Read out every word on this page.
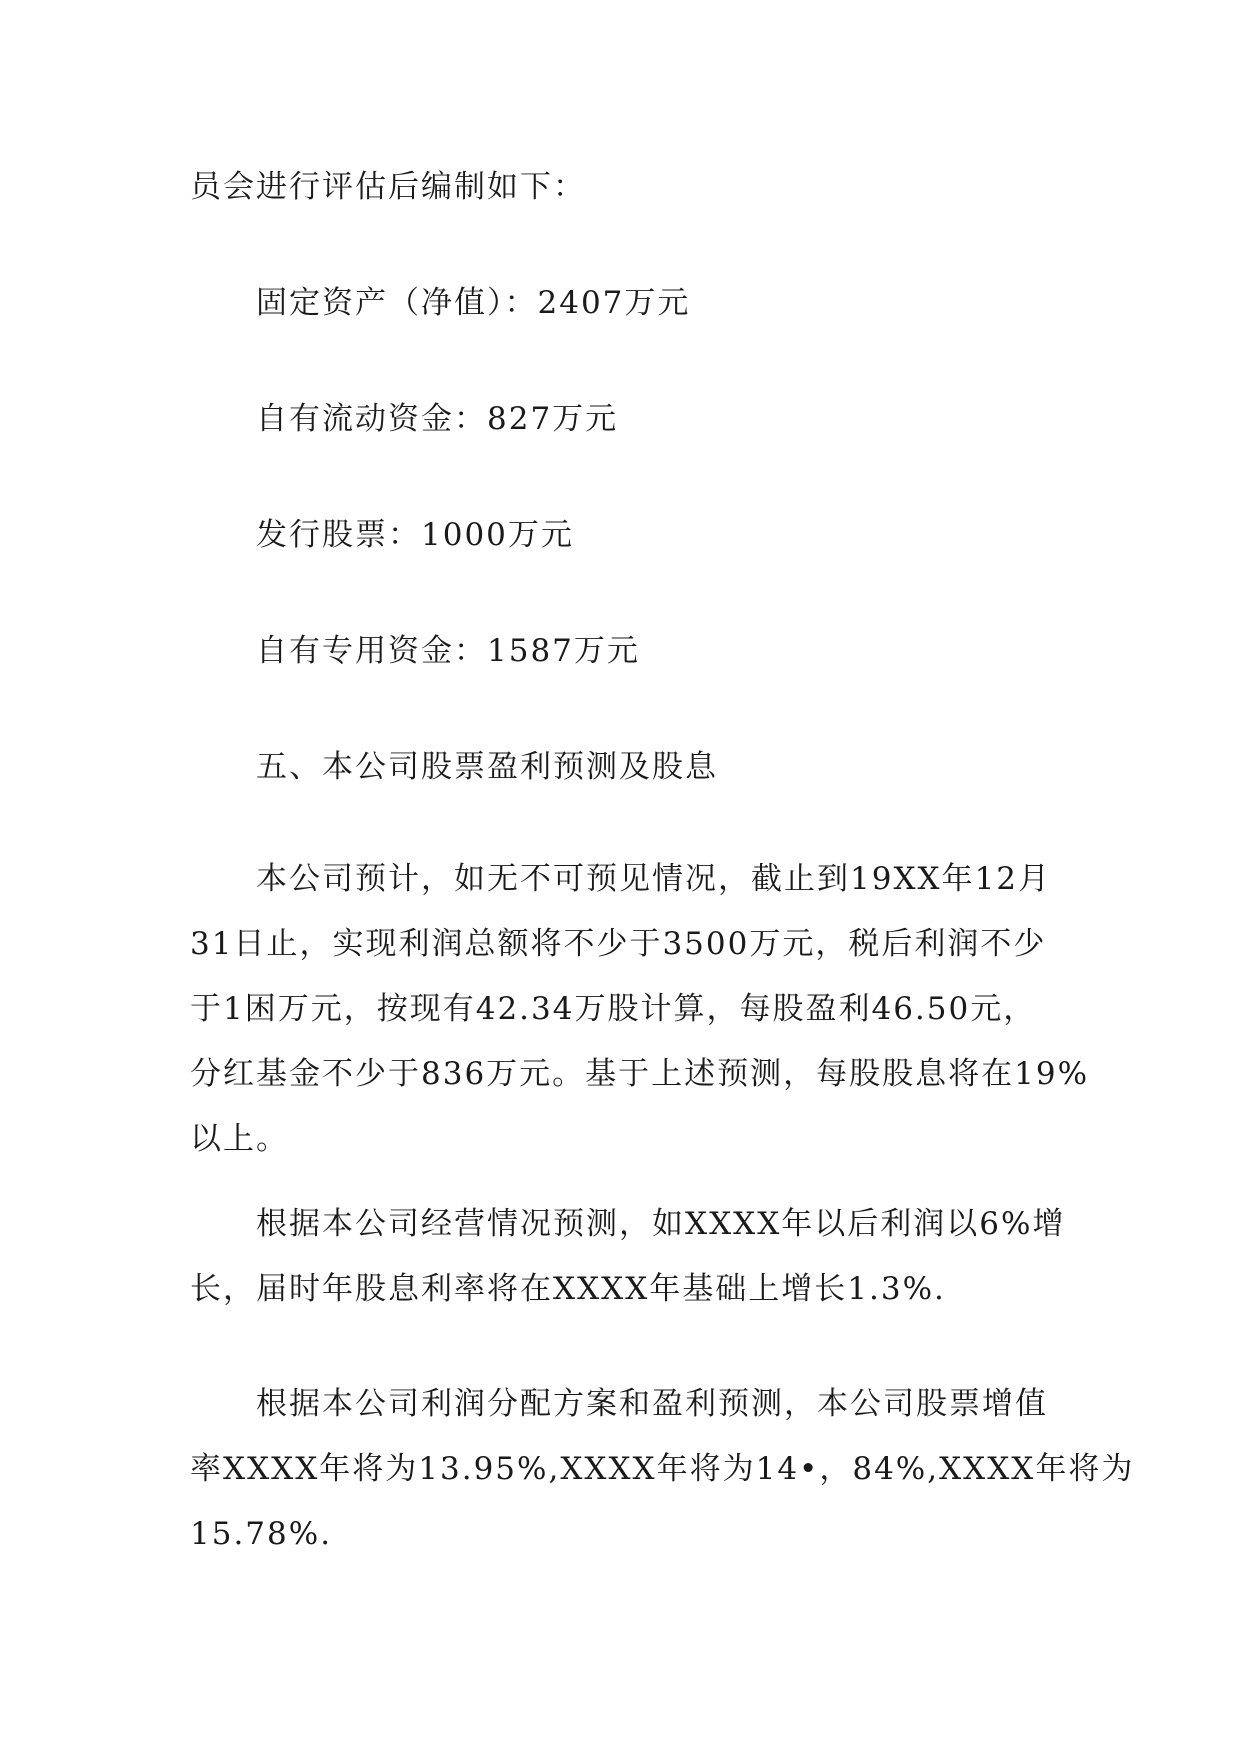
员会进行评估后编制如下：
固定资产（净值）：2407万元
自有流动资金：827万元
发行股票：1000万元
自有专用资金：1587万元
五、本公司股票盈利预测及股息
本公司预计，如无不可预见情况，截止到19XX年12月
31日止，实现利润总额将不少于3500万元，税后利润不少
于1困万元，按现有42.34万股计算，每股盈利46.50元，
分红基金不少于836万元。基于上述预测，每股股息将在19%
以上。
根据本公司经营情况预测，如XXXX年以后利润以6%增
长，届时年股息利率将在XXXX年基础上增长1.3%.
根据本公司利润分配方案和盈利预测，本公司股票增值
率XXXX年将为13.95%,XXXX年将为14•，84%,XXXX年将为
15.78%.
